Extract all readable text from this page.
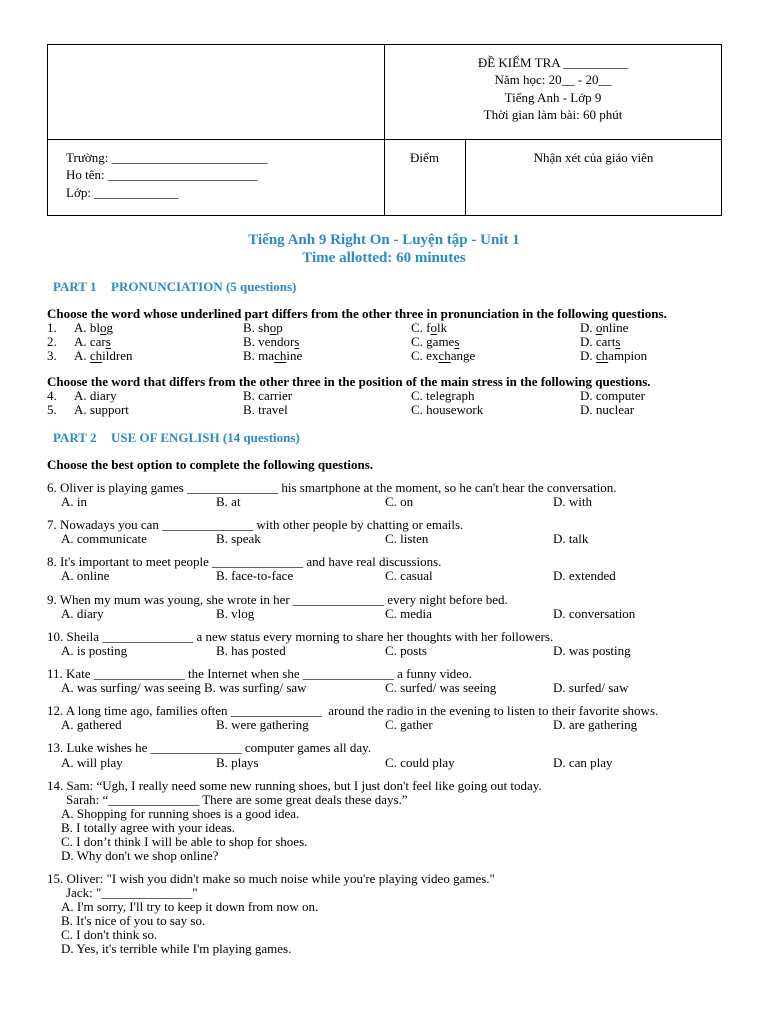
ĐỀ KIỂM TRA __________
Năm học: 20__ - 20__
Tiếng Anh - Lớp 9
Thời gian làm bài: 60 phút
Trường: ________________________
Ho tên: _______________________
Lớp: _____________
Điểm	Nhận xét của giáo viên
Tiếng Anh 9 Right On - Luyện tập - Unit 1
Time allotted: 60 minutes
PART 1 PRONUNCIATION (5 questions)
Choose the word whose underlined part differs from the other three in pronunciation in the following questions.
1. A. blog	B. shop	C. folk	D. online
2. A. cars	B. vendors	C. games	D. carts
3. A. children	B. machine	C. exchange	D. champion
Choose the word that differs from the other three in the position of the main stress in the following questions.
4. A. diary	B. carrier	C. telegraph	D. computer
5. A. support	B. travel	C. housework	D. nuclear
PART 2 USE OF ENGLISH (14 questions)
Choose the best option to complete the following questions.
6. Oliver is playing games ______________ his smartphone at the moment, so he can't hear the conversation.
A. in	B. at	C. on	D. with
7. Nowadays you can ______________ with other people by chatting or emails.
A. communicate	B. speak	C. listen	D. talk
8. It's important to meet people ______________ and have real discussions.
A. online	B. face-to-face	C. casual	D. extended
9. When my mum was young, she wrote in her ______________ every night before bed.
A. diary	B. vlog	C. media	D. conversation
10. Sheila ______________ a new status every morning to share her thoughts with her followers.
A. is posting	B. has posted	C. posts	D. was posting
11. Kate ______________ the Internet when she ______________ a funny video.
A. was surfing/ was seeing B. was surfing/ saw	C. surfed/ was seeing	D. surfed/ saw
12. A long time ago, families often ______________  around the radio in the evening to listen to their favorite shows.
A. gathered	B. were gathering	C. gather	D. are gathering
13. Luke wishes he ______________ computer games all day.
A. will play	B. plays	C. could play	D. can play
14. Sam: “Ugh, I really need some new running shoes, but I just don't feel like going out today.
Sarah: “______________ There are some great deals these days.”
A. Shopping for running shoes is a good idea.
B. I totally agree with your ideas.
C. I don’t think I will be able to shop for shoes.
D. Why don't we shop online?
15. Oliver: "I wish you didn't make so much noise while you're playing video games."
Jack: "______________"
A. I'm sorry, I'll try to keep it down from now on.
B. It's nice of you to say so.
C. I don't think so.
D. Yes, it's terrible while I'm playing games.
